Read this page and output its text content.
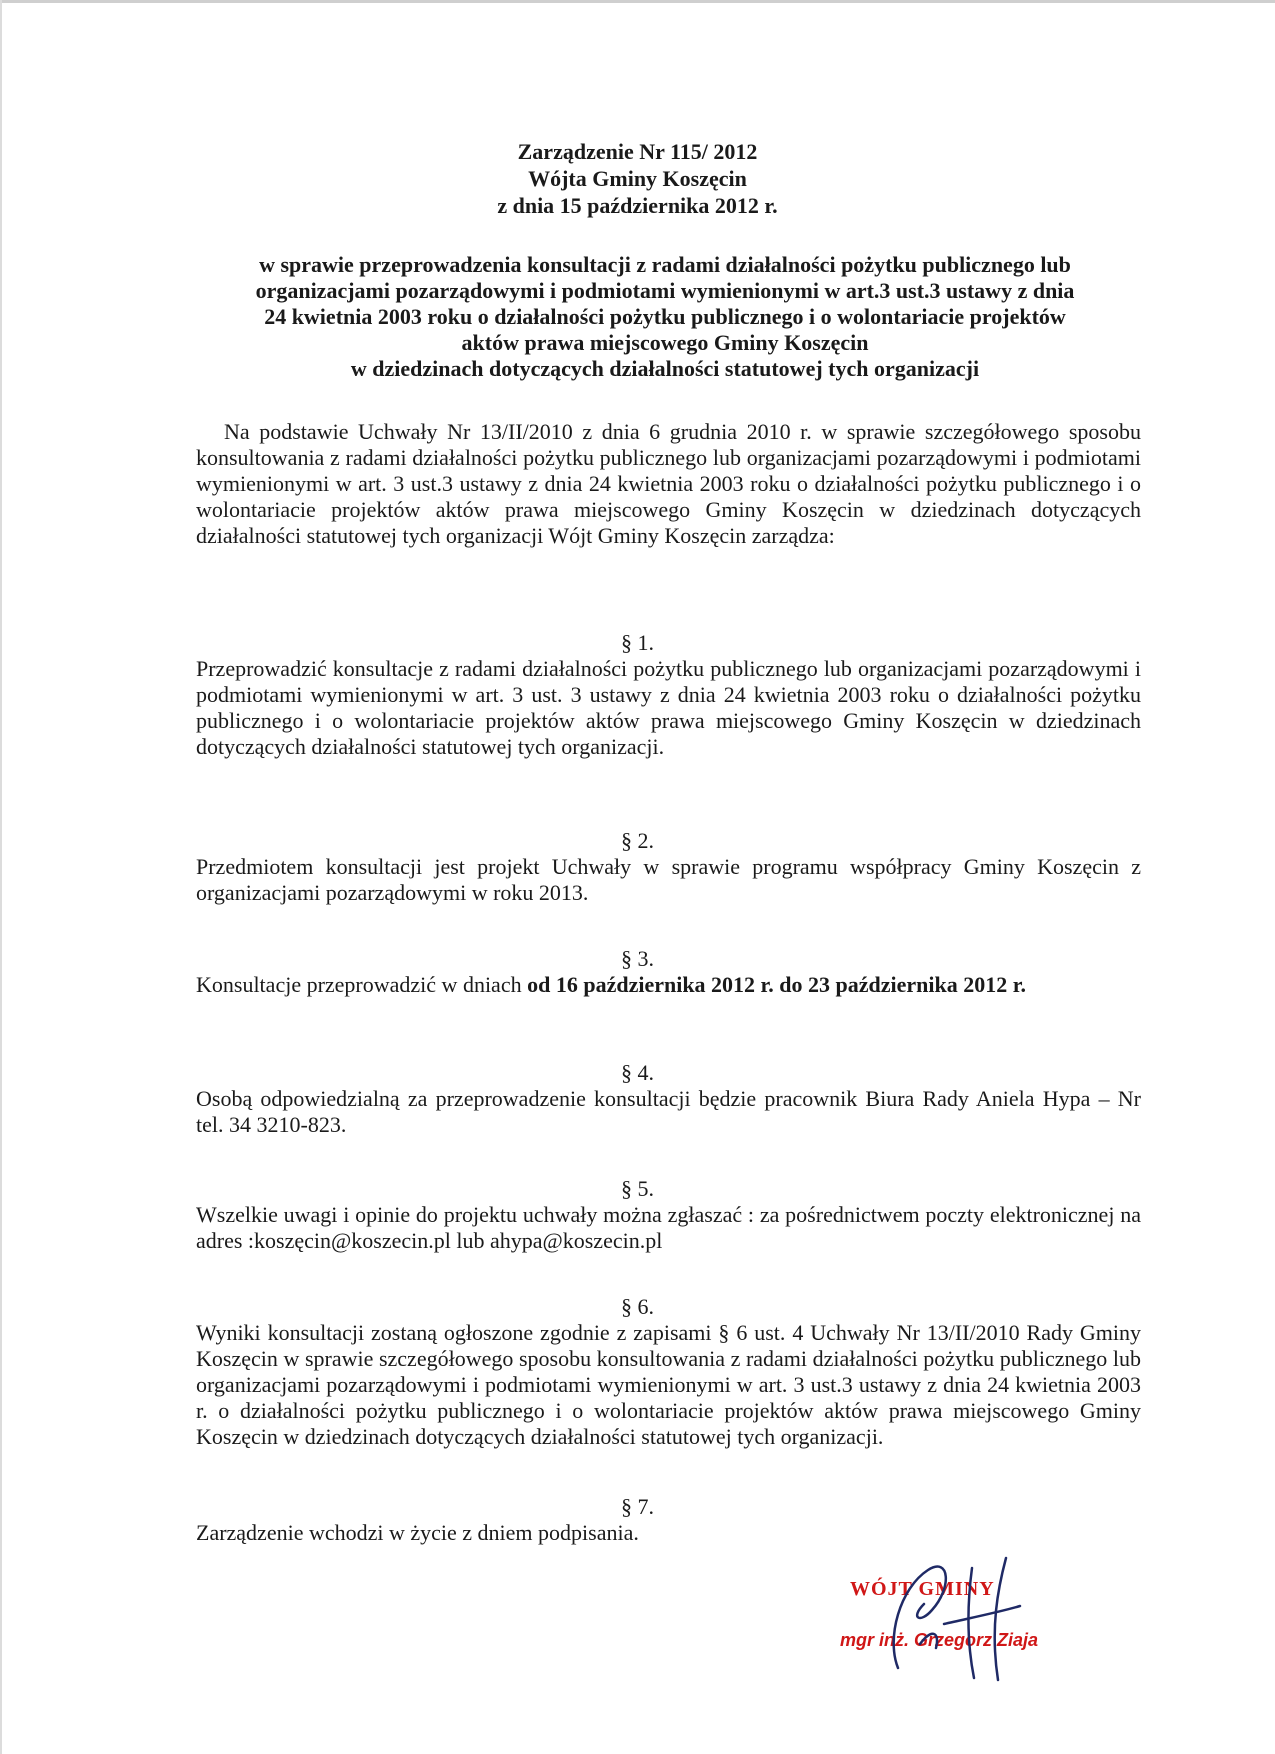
Zarządzenie Nr 115/ 2012
Wójta Gminy Koszęcin
z dnia 15 października 2012 r.
w sprawie przeprowadzenia konsultacji z radami działalności pożytku publicznego lub
organizacjami pozarządowymi i podmiotami wymienionymi w art.3 ust.3 ustawy z dnia
24 kwietnia 2003 roku o działalności pożytku publicznego i o wolontariacie projektów
aktów prawa miejscowego Gminy Koszęcin
w dziedzinach dotyczących działalności statutowej tych organizacji
Na podstawie Uchwały Nr 13/II/2010 z dnia 6 grudnia 2010 r. w sprawie szczegółowego sposobu konsultowania z radami działalności pożytku publicznego lub organizacjami pozarządowymi i podmiotami wymienionymi w art. 3 ust.3 ustawy z dnia 24 kwietnia 2003 roku o działalności pożytku publicznego i o wolontariacie projektów aktów prawa miejscowego Gminy Koszęcin w dziedzinach dotyczących działalności statutowej tych organizacji Wójt Gminy Koszęcin zarządza:
§ 1.
Przeprowadzić konsultacje z radami działalności pożytku publicznego lub organizacjami pozarządowymi i podmiotami wymienionymi w art. 3 ust. 3 ustawy z dnia 24 kwietnia 2003 roku o działalności pożytku publicznego i o wolontariacie projektów aktów prawa miejscowego Gminy Koszęcin w dziedzinach dotyczących działalności statutowej tych organizacji.
§ 2.
Przedmiotem konsultacji jest projekt Uchwały w sprawie programu współpracy Gminy Koszęcin z organizacjami pozarządowymi w roku 2013.
§ 3.
Konsultacje przeprowadzić w dniach od 16 października 2012 r. do 23 października 2012 r.
§ 4.
Osobą odpowiedzialną za przeprowadzenie konsultacji będzie pracownik Biura Rady Aniela Hypa – Nr tel. 34 3210-823.
§ 5.
Wszelkie uwagi i opinie do projektu uchwały można zgłaszać : za pośrednictwem poczty elektronicznej na adres :koszęcin@koszecin.pl lub ahypa@koszecin.pl
§ 6.
Wyniki konsultacji zostaną ogłoszone zgodnie z zapisami § 6 ust. 4 Uchwały Nr 13/II/2010 Rady Gminy Koszęcin w sprawie szczegółowego sposobu konsultowania z radami działalności pożytku publicznego lub organizacjami pozarządowymi i podmiotami wymienionymi w art. 3 ust.3 ustawy z dnia 24 kwietnia 2003 r. o działalności pożytku publicznego i o wolontariacie projektów aktów prawa miejscowego Gminy Koszęcin w dziedzinach dotyczących działalności statutowej tych organizacji.
§ 7.
Zarządzenie wchodzi w życie z dniem podpisania.
WÓJT GMINY
mgr inż. Grzegorz Ziaja
